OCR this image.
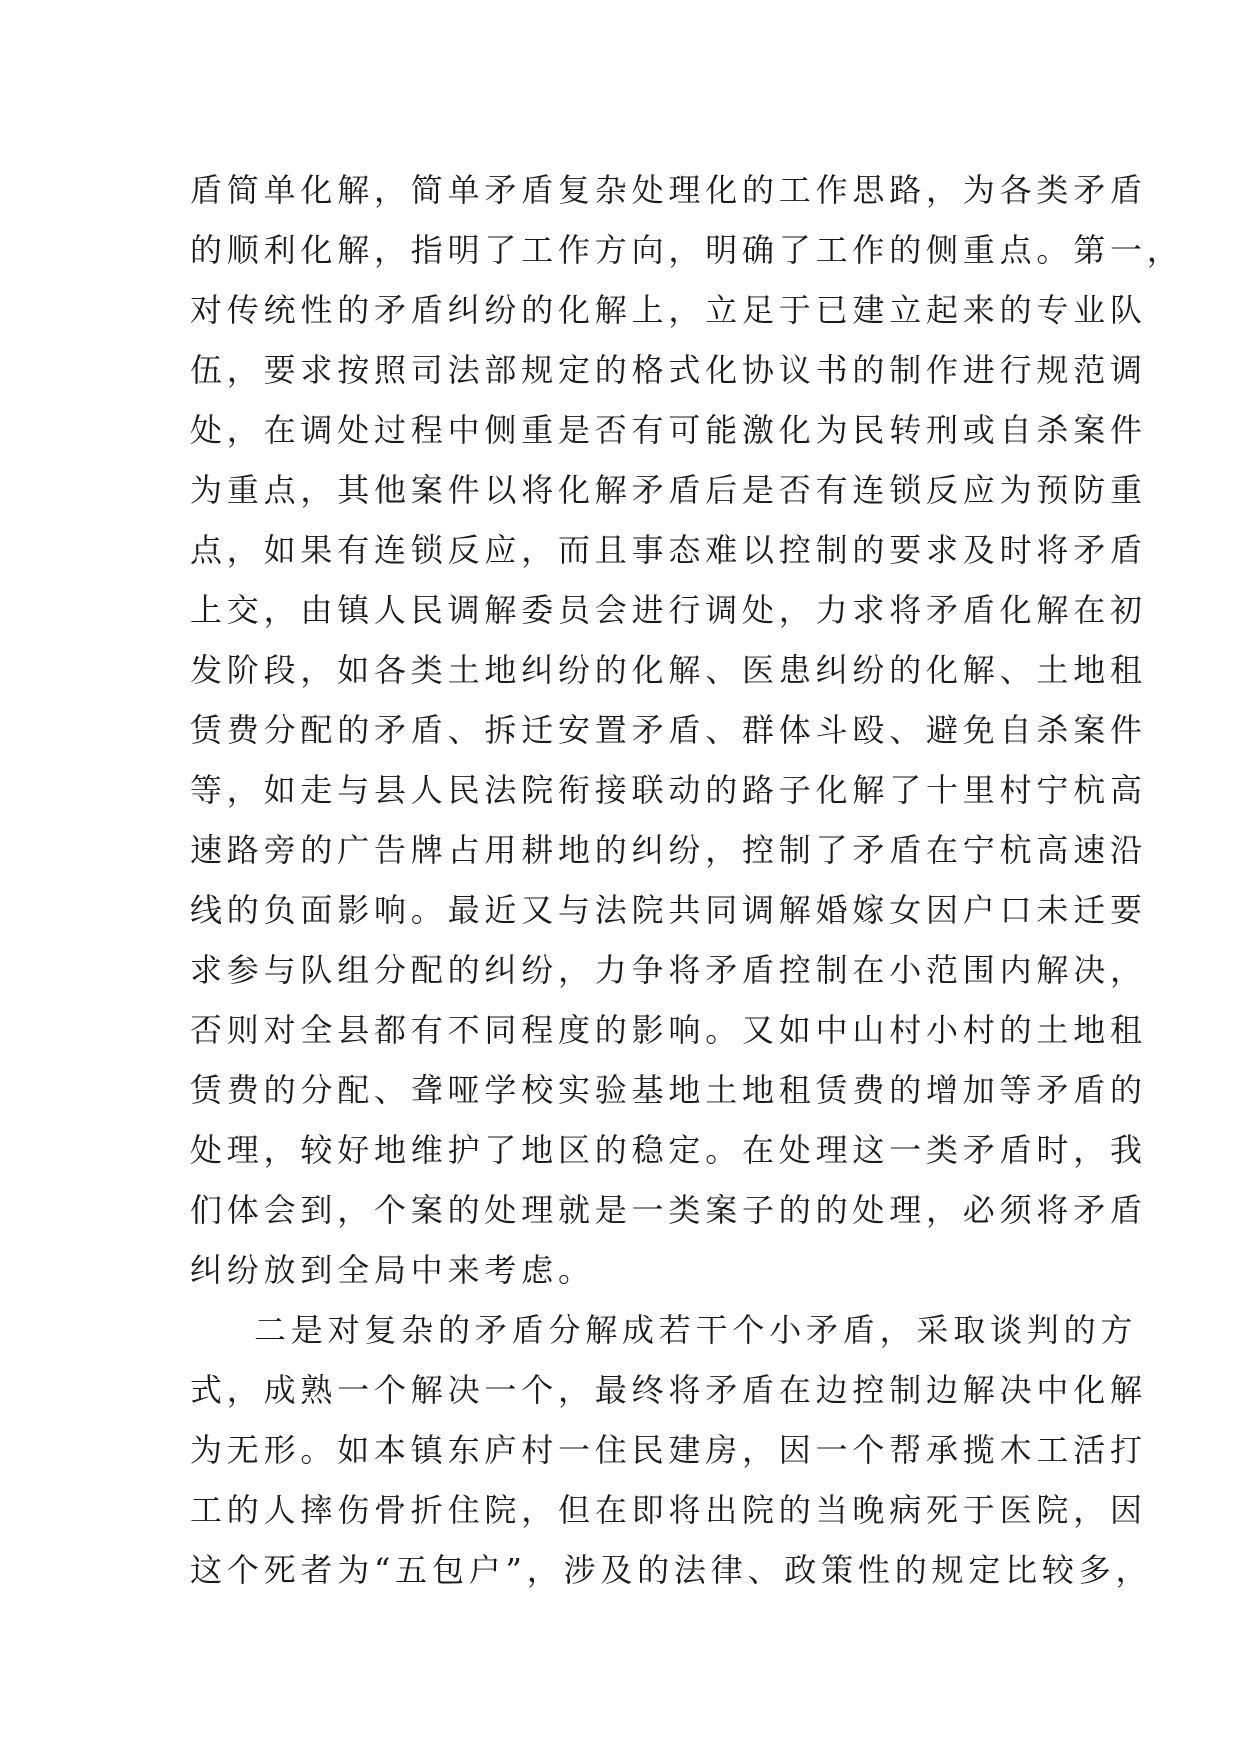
盾简单化解，简单矛盾复杂处理化的工作思路，为各类矛盾
的顺利化解，指明了工作方向，明确了工作的侧重点。第一，
对传统性的矛盾纠纷的化解上，立足于已建立起来的专业队
伍，要求按照司法部规定的格式化协议书的制作进行规范调
处，在调处过程中侧重是否有可能激化为民转刑或自杀案件
为重点，其他案件以将化解矛盾后是否有连锁反应为预防重
点，如果有连锁反应，而且事态难以控制的要求及时将矛盾
上交，由镇人民调解委员会进行调处，力求将矛盾化解在初
发阶段，如各类土地纠纷的化解、医患纠纷的化解、土地租
赁费分配的矛盾、拆迁安置矛盾、群体斗殴、避免自杀案件
等，如走与县人民法院衔接联动的路子化解了十里村宁杭高
速路旁的广告牌占用耕地的纠纷，控制了矛盾在宁杭高速沿
线的负面影响。最近又与法院共同调解婚嫁女因户口未迁要
求参与队组分配的纠纷，力争将矛盾控制在小范围内解决，
否则对全县都有不同程度的影响。又如中山村小村的土地租
赁费的分配、聋哑学校实验基地土地租赁费的增加等矛盾的
处理，较好地维护了地区的稳定。在处理这一类矛盾时，我
们体会到，个案的处理就是一类案子的的处理，必须将矛盾
纠纷放到全局中来考虑。
二是对复杂的矛盾分解成若干个小矛盾，采取谈判的方
式，成熟一个解决一个，最终将矛盾在边控制边解决中化解
为无形。如本镇东庐村一住民建房，因一个帮承揽木工活打
工的人摔伤骨折住院，但在即将出院的当晚病死于医院，因
这个死者为“五包户”，涉及的法律、政策性的规定比较多，
